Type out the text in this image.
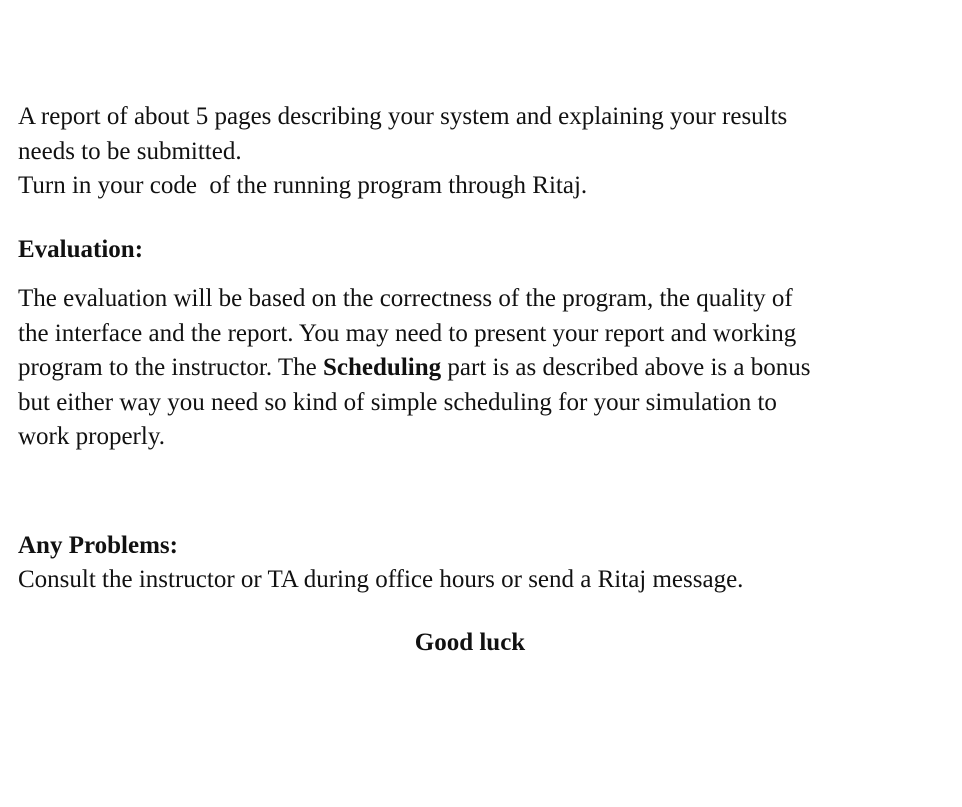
A report of about 5 pages describing your system and explaining your results
needs to be submitted.
Turn in your code  of the running program through Ritaj.

Evaluation:

The evaluation will be based on the correctness of the program, the quality of
the interface and the report. You may need to present your report and working
program to the instructor. The Scheduling part is as described above is a bonus
but either way you need so kind of simple scheduling for your simulation to
work properly.

Any Problems:

Consult the instructor or TA during office hours or send a Ritaj message.

Good luck
